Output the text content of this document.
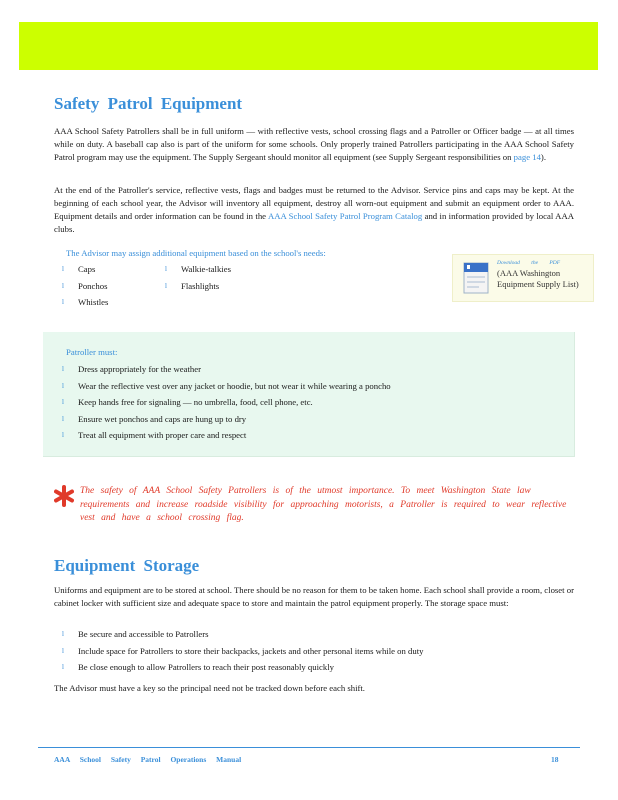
Safety Patrol Equipment

AAA School Safety Patrollers shall be in full uniform — with reflective vests, school crossing flags and a Patroller or Officer badge — at all times while on duty. A baseball cap also is part of the uniform for some schools. Only properly trained Patrollers participating in the AAA School Safety Patrol program may use the equipment. The Supply Sergeant should monitor all equipment (see Supply Sergeant responsibilities on page 14).

At the end of the Patroller's service, reflective vests, flags and badges must be returned to the Advisor. Service pins and caps may be kept. At the beginning of each school year, the Advisor will inventory all equipment, destroy all worn-out equipment and submit an equipment order to AAA. Equipment details and order information can be found in the AAA School Safety Patrol Program Catalog and in information provided by local AAA clubs.

The Advisor may assign additional equipment based on the school's needs:

l Caps
l Ponchos
l Whistles
l Walkie-talkies
l Flashlights
Download the PDF
(AAA Washington Equipment Supply List)

Patroller must:

l Dress appropriately for the weather
l Wear the reflective vest over any jacket or hoodie, but not wear it while wearing a poncho
l Keep hands free for signaling — no umbrella, food, cell phone, etc.
l Ensure wet ponchos and caps are hung up to dry
l Treat all equipment with proper care and respect

The safety of AAA School Safety Patrollers is of the utmost importance. To meet Washington State law requirements and increase roadside visibility for approaching motorists, a Patroller is required to wear reflective vest and have a school crossing flag.

Equipment Storage

Uniforms and equipment are to be stored at school. There should be no reason for them to be taken home. Each school shall provide a room, closet or cabinet locker with sufficient size and adequate space to store and maintain the patrol equipment properly. The storage space must:

l Be secure and accessible to Patrollers
l Include space for Patrollers to store their backpacks, jackets and other personal items while on duty
l Be close enough to allow Patrollers to reach their post reasonably quickly

The Advisor must have a key so the principal need not be tracked down before each shift.

AAA School Safety Patrol Operations Manual	18
